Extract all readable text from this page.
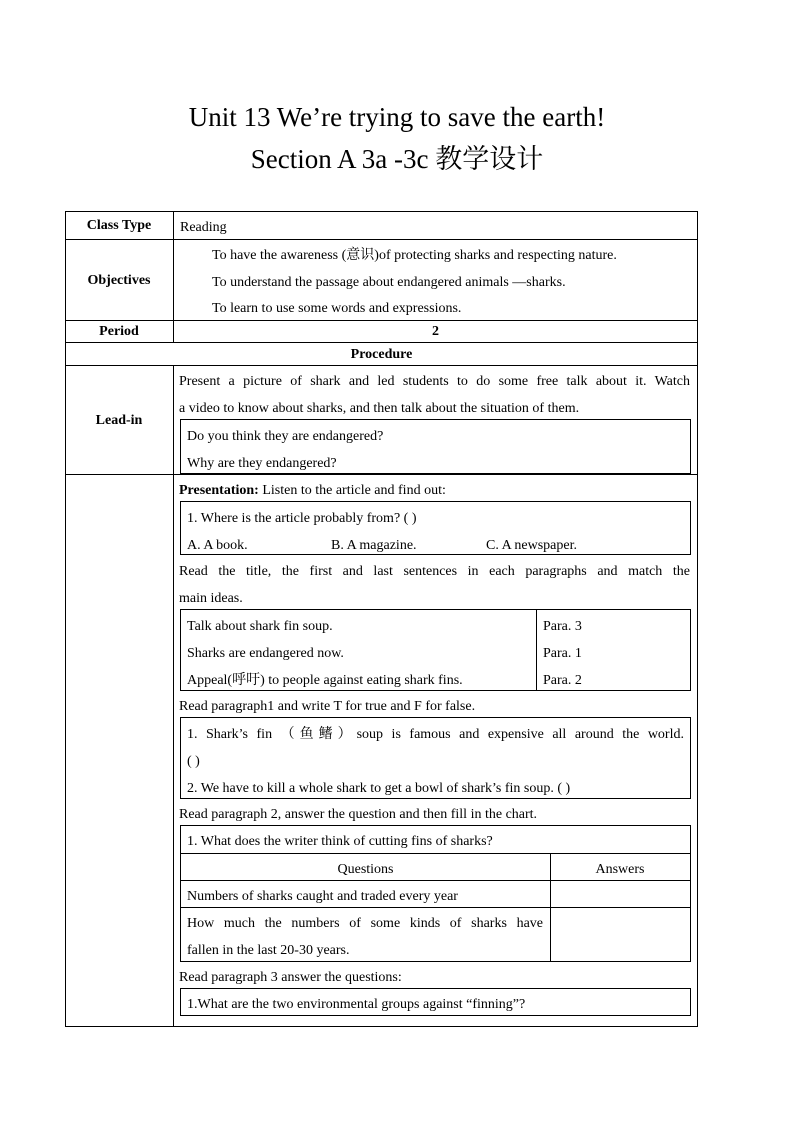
Unit 13 We’re trying to save the earth!
Section A 3a -3c 教学设计
Class Type	Reading
Objectives
To have the awareness (意识)of protecting sharks and respecting nature.
To understand the passage about endangered animals —sharks.
To learn to use some words and expressions.
Period	2
Procedure
Lead-in
Present a picture of shark and led students to do some free talk about it. Watch
a video to know about sharks, and then talk about the situation of them.
Do you think they are endangered?
Why are they endangered?
Presentation: Listen to the article and find out:
1. Where is the article probably from? ( )
A. A book.	B. A magazine.	C. A newspaper.
Read the title, the first and last sentences in each paragraphs and match the
main ideas.
Talk about shark fin soup.	Para. 3
Sharks are endangered now.	Para. 1
Appeal(呼吁) to people against eating shark fins.	Para. 2
Read paragraph1 and write T for true and F for false.
1. Shark’s fin （鱼鳍）soup is famous and expensive all around the world.
( )
2. We have to kill a whole shark to get a bowl of shark’s fin soup. ( )
Read paragraph 2, answer the question and then fill in the chart.
1. What does the writer think of cutting fins of sharks?
Questions	Answers
Numbers of sharks caught and traded every year
How much the numbers of some kinds of sharks have
fallen in the last 20-30 years.
Read paragraph 3 answer the questions:
1.What are the two environmental groups against “finning”?
